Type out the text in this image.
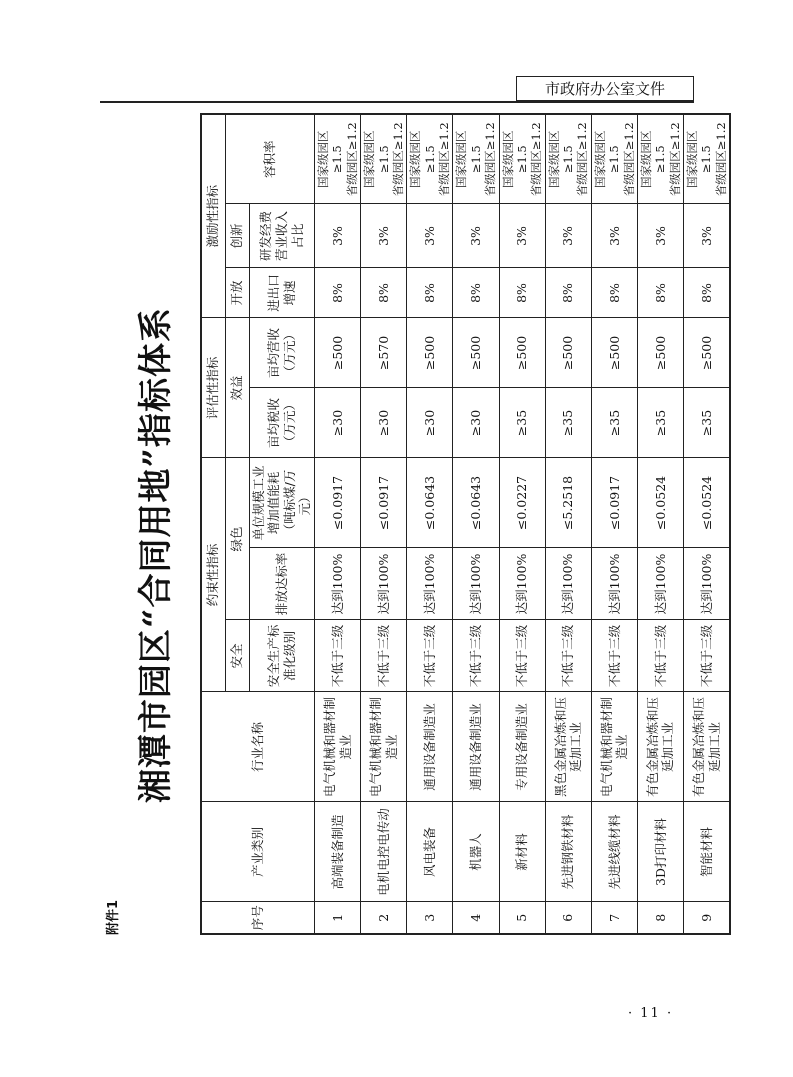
市政府办公室文件
附件1
湘潭市园区“合同用地”指标体系
序号	产业类别	行业名称	约束性指标			评估性指标		激励性指标		
			安全	绿色		效益		开放	创新	容积率
			安全生产标准化级别	排放达标率	单位规模工业增加值能耗（吨标煤/万元）	亩均税收（万元）	亩均营收（万元）	进出口增速	研发经费营业收入占比	
1	高端装备制造	电气机械和器材制造业	不低于三级	达到100%	≤0.0917	≥30	≥500	8%	3%	国家级园区≥1.5 省级园区≥1.2

2	电机电控电传动	电气机械和器材制造业	不低于三级	达到100%	≤0.0917	≥30	≥570	8%	3%	国家级园区≥1.5 省级园区≥1.2

3	风电装备	通用设备制造业	不低于三级	达到100%	≤0.0643	≥30	≥500	8%	3%	国家级园区≥1.5 省级园区≥1.2

4	机器人	通用设备制造业	不低于三级	达到100%	≤0.0643	≥30	≥500	8%	3%	国家级园区≥1.5 省级园区≥1.2

5	新材料	专用设备制造业	不低于三级	达到100%	≤0.0227	≥35	≥500	8%	3%	国家级园区≥1.5 省级园区≥1.2

6	先进钢铁材料	黑色金属冶炼和压延加工业	不低于三级	达到100%	≤5.2518	≥35	≥500	8%	3%	国家级园区≥1.5 省级园区≥1.2

7	先进线缆材料	电气机械和器材制造业	不低于三级	达到100%	≤0.0917	≥35	≥500	8%	3%	国家级园区≥1.5 省级园区≥1.2

8	3D打印材料	有色金属冶炼和压延加工业	不低于三级	达到100%	≤0.0524	≥35	≥500	8%	3%	国家级园区≥1.5 省级园区≥1.2

9	智能材料	有色金属冶炼和压延加工业	不低于三级	达到100%	≤0.0524	≥35	≥500	8%	3%	国家级园区≥1.5 省级园区≥1.2
· 11 ·
